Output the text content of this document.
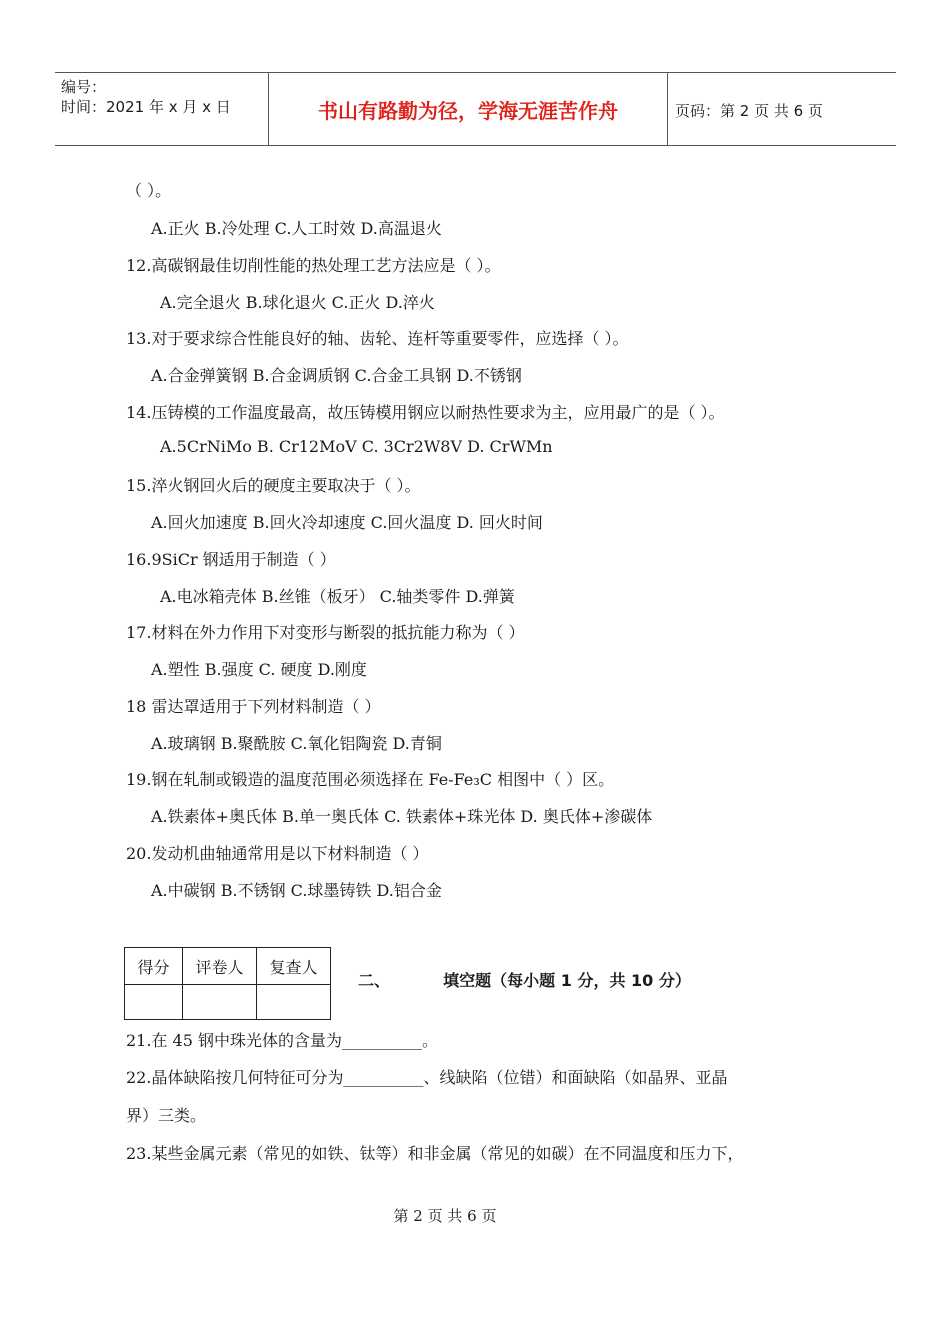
编号：
时间：2021 年 x 月 x 日	书山有路勤为径，学海无涯苦作舟	页码：第 2 页 共 6 页
（ ）。
A.正火 B.冷处理 C.人工时效 D.高温退火
12.高碳钢最佳切削性能的热处理工艺方法应是（ ）。
A.完全退火 B.球化退火 C.正火 D.淬火
13.对于要求综合性能良好的轴、齿轮、连杆等重要零件，应选择（ ）。
A.合金弹簧钢 B.合金调质钢 C.合金工具钢 D.不锈钢
14.压铸模的工作温度最高，故压铸模用钢应以耐热性要求为主，应用最广的是（ ）。
A.5CrNiMo B. Cr12MoV C. 3Cr2W8V D. CrWMn
15.淬火钢回火后的硬度主要取决于（ ）。
A.回火加速度 B.回火冷却速度 C.回火温度 D. 回火时间
16.9SiCr 钢适用于制造（ ）
A.电冰箱壳体 B.丝锥（板牙） C.轴类零件 D.弹簧
17.材料在外力作用下对变形与断裂的抵抗能力称为（ ）
A.塑性 B.强度 C. 硬度 D.刚度
18 雷达罩适用于下列材料制造（ ）
A.玻璃钢 B.聚酰胺 C.氧化铝陶瓷 D.青铜
19.钢在轧制或锻造的温度范围必须选择在 Fe-Fe₃C 相图中（ ）区。
A.铁素体+奥氏体 B.单一奥氏体 C. 铁素体+珠光体 D. 奥氏体+渗碳体
20.发动机曲轴通常用是以下材料制造（ ）
A.中碳钢 B.不锈钢 C.球墨铸铁 D.铝合金
得分	评卷人	复查人

二、	填空题（每小题 1 分，共 10 分）
21.在 45 钢中珠光体的含量为__________。
22.晶体缺陷按几何特征可分为__________、线缺陷（位错）和面缺陷（如晶界、亚晶
界）三类。
23.某些金属元素（常见的如铁、钛等）和非金属（常见的如碳）在不同温度和压力下，
第 2 页 共 6 页
